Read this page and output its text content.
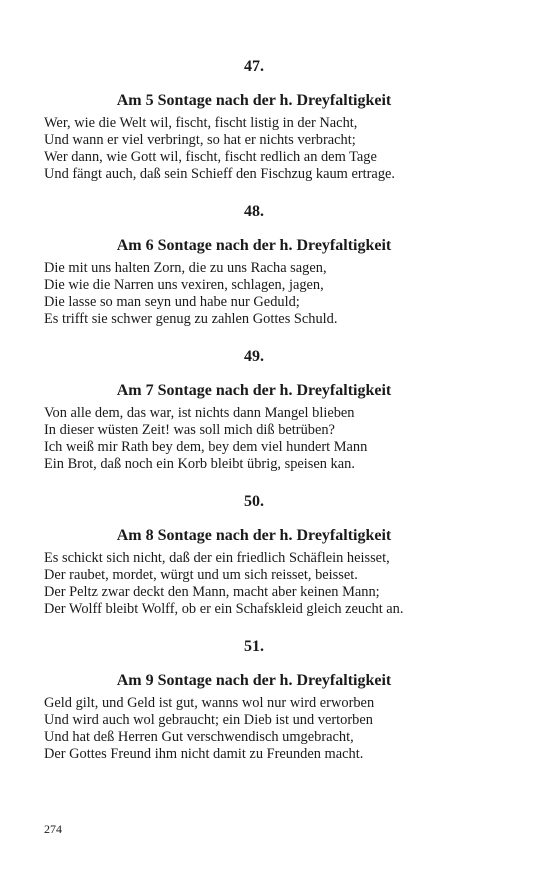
47.
Am 5 Sontage nach der h. Dreyfaltigkeit
Wer, wie die Welt wil, fischt, fischt listig in der Nacht,
Und wann er viel verbringt, so hat er nichts verbracht;
Wer dann, wie Gott wil, fischt, fischt redlich an dem Tage
Und fängt auch, daß sein Schieff den Fischzug kaum ertrage.
48.
Am 6 Sontage nach der h. Dreyfaltigkeit
Die mit uns halten Zorn, die zu uns Racha sagen,
Die wie die Narren uns vexiren, schlagen, jagen,
Die lasse so man seyn und habe nur Geduld;
Es trifft sie schwer genug zu zahlen Gottes Schuld.
49.
Am 7 Sontage nach der h. Dreyfaltigkeit
Von alle dem, das war, ist nichts dann Mangel blieben
In dieser wüsten Zeit! was soll mich diß betrüben?
Ich weiß mir Rath bey dem, bey dem viel hundert Mann
Ein Brot, daß noch ein Korb bleibt übrig, speisen kan.
50.
Am 8 Sontage nach der h. Dreyfaltigkeit
Es schickt sich nicht, daß der ein friedlich Schäflein heisset,
Der raubet, mordet, würgt und um sich reisset, beisset.
Der Peltz zwar deckt den Mann, macht aber keinen Mann;
Der Wolff bleibt Wolff, ob er ein Schafskleid gleich zeucht an.
51.
Am 9 Sontage nach der h. Dreyfaltigkeit
Geld gilt, und Geld ist gut, wanns wol nur wird erworben
Und wird auch wol gebraucht; ein Dieb ist und vertorben
Und hat deß Herren Gut verschwendisch umgebracht,
Der Gottes Freund ihm nicht damit zu Freunden macht.
274
